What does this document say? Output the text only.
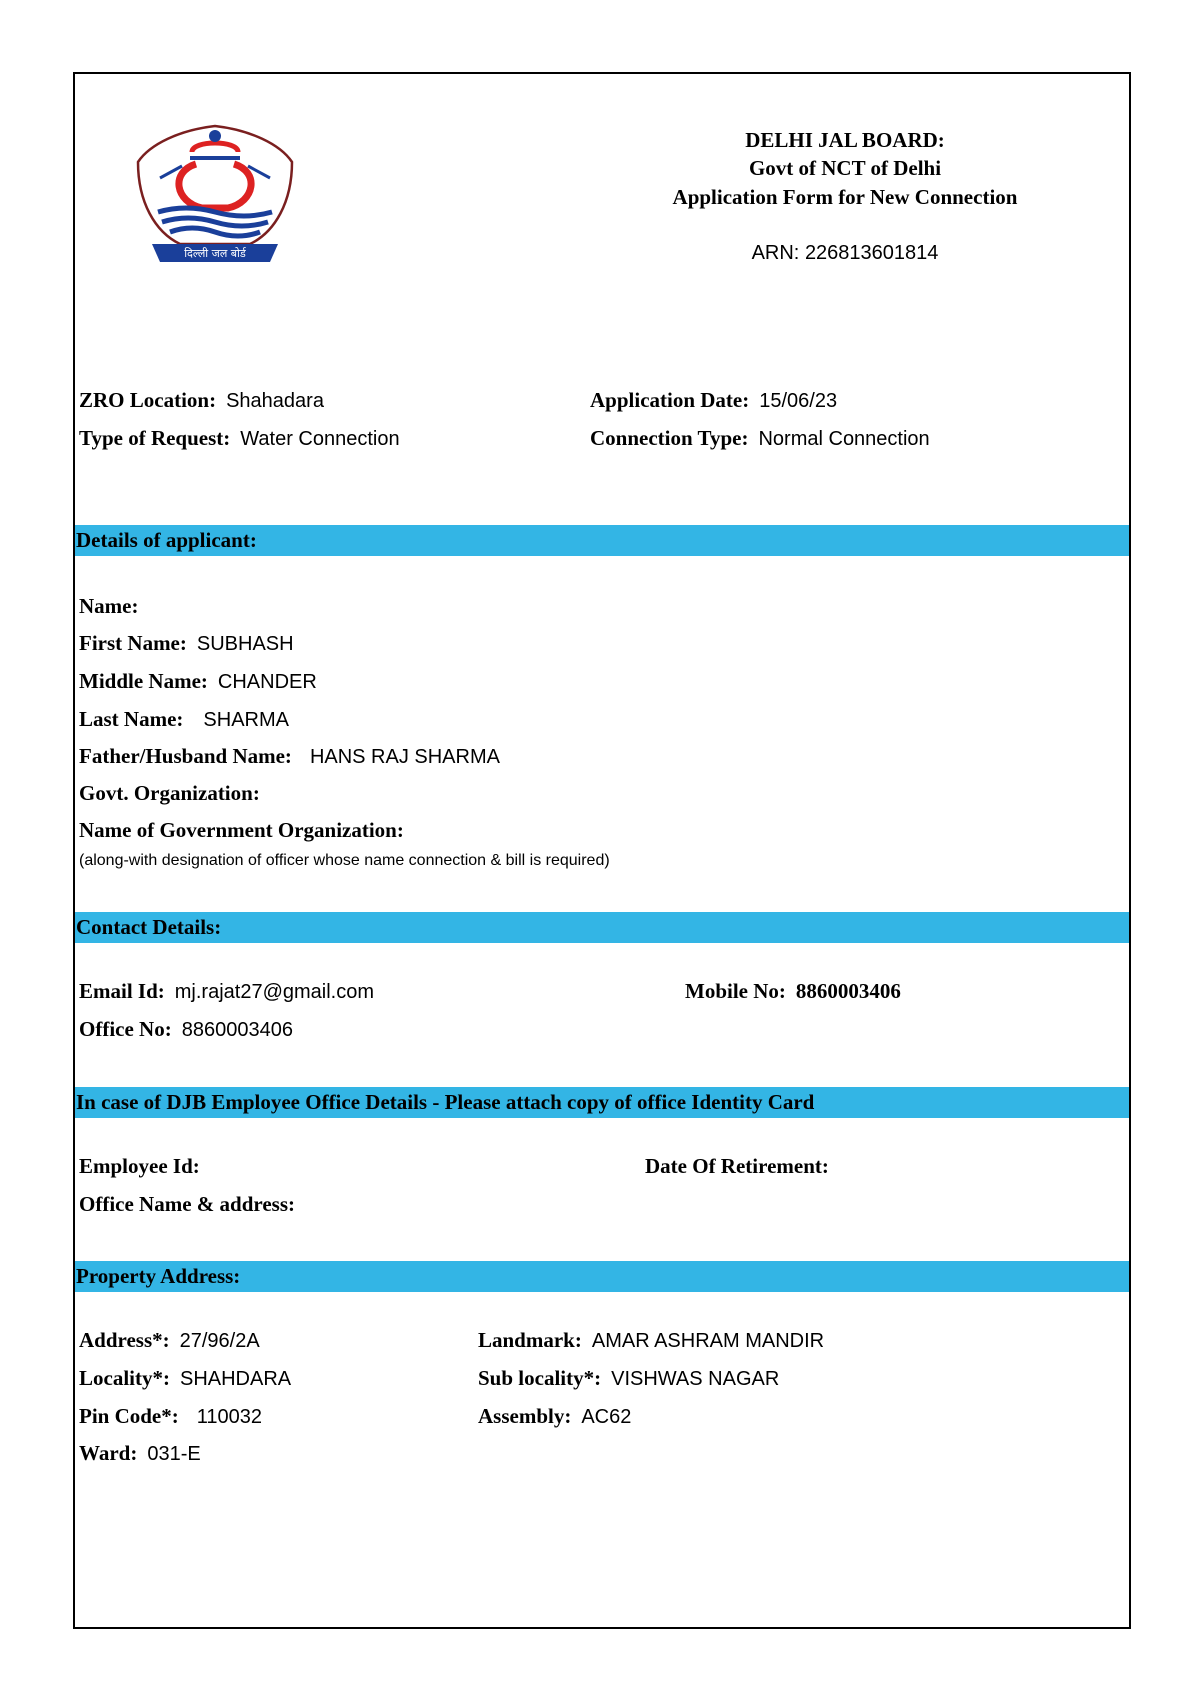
दिल्ली जल बोर्ड
DELHI JAL BOARD:
Govt of NCT of Delhi
Application Form for New Connection
ARN: 226813601814
ZRO Location: Shahadara	Application Date: 15/06/23
Type of Request: Water Connection	Connection Type: Normal Connection
Details of applicant:
Name:
First Name: SUBHASH
Middle Name: CHANDER
Last Name: SHARMA
Father/Husband Name: HANS RAJ SHARMA
Govt. Organization:
Name of Government Organization:
(along-with designation of officer whose name connection & bill is required)
Contact Details:
Email Id: mj.rajat27@gmail.com	Mobile No: 8860003406
Office No: 8860003406
In case of DJB Employee Office Details - Please attach copy of office Identity Card
Employee Id:	Date Of Retirement:
Office Name & address:
Property Address:
Address*: 27/96/2A	Landmark: AMAR ASHRAM MANDIR
Locality*: SHAHDARA	Sub locality*: VISHWAS NAGAR
Pin Code*: 110032	Assembly: AC62
Ward: 031-E
